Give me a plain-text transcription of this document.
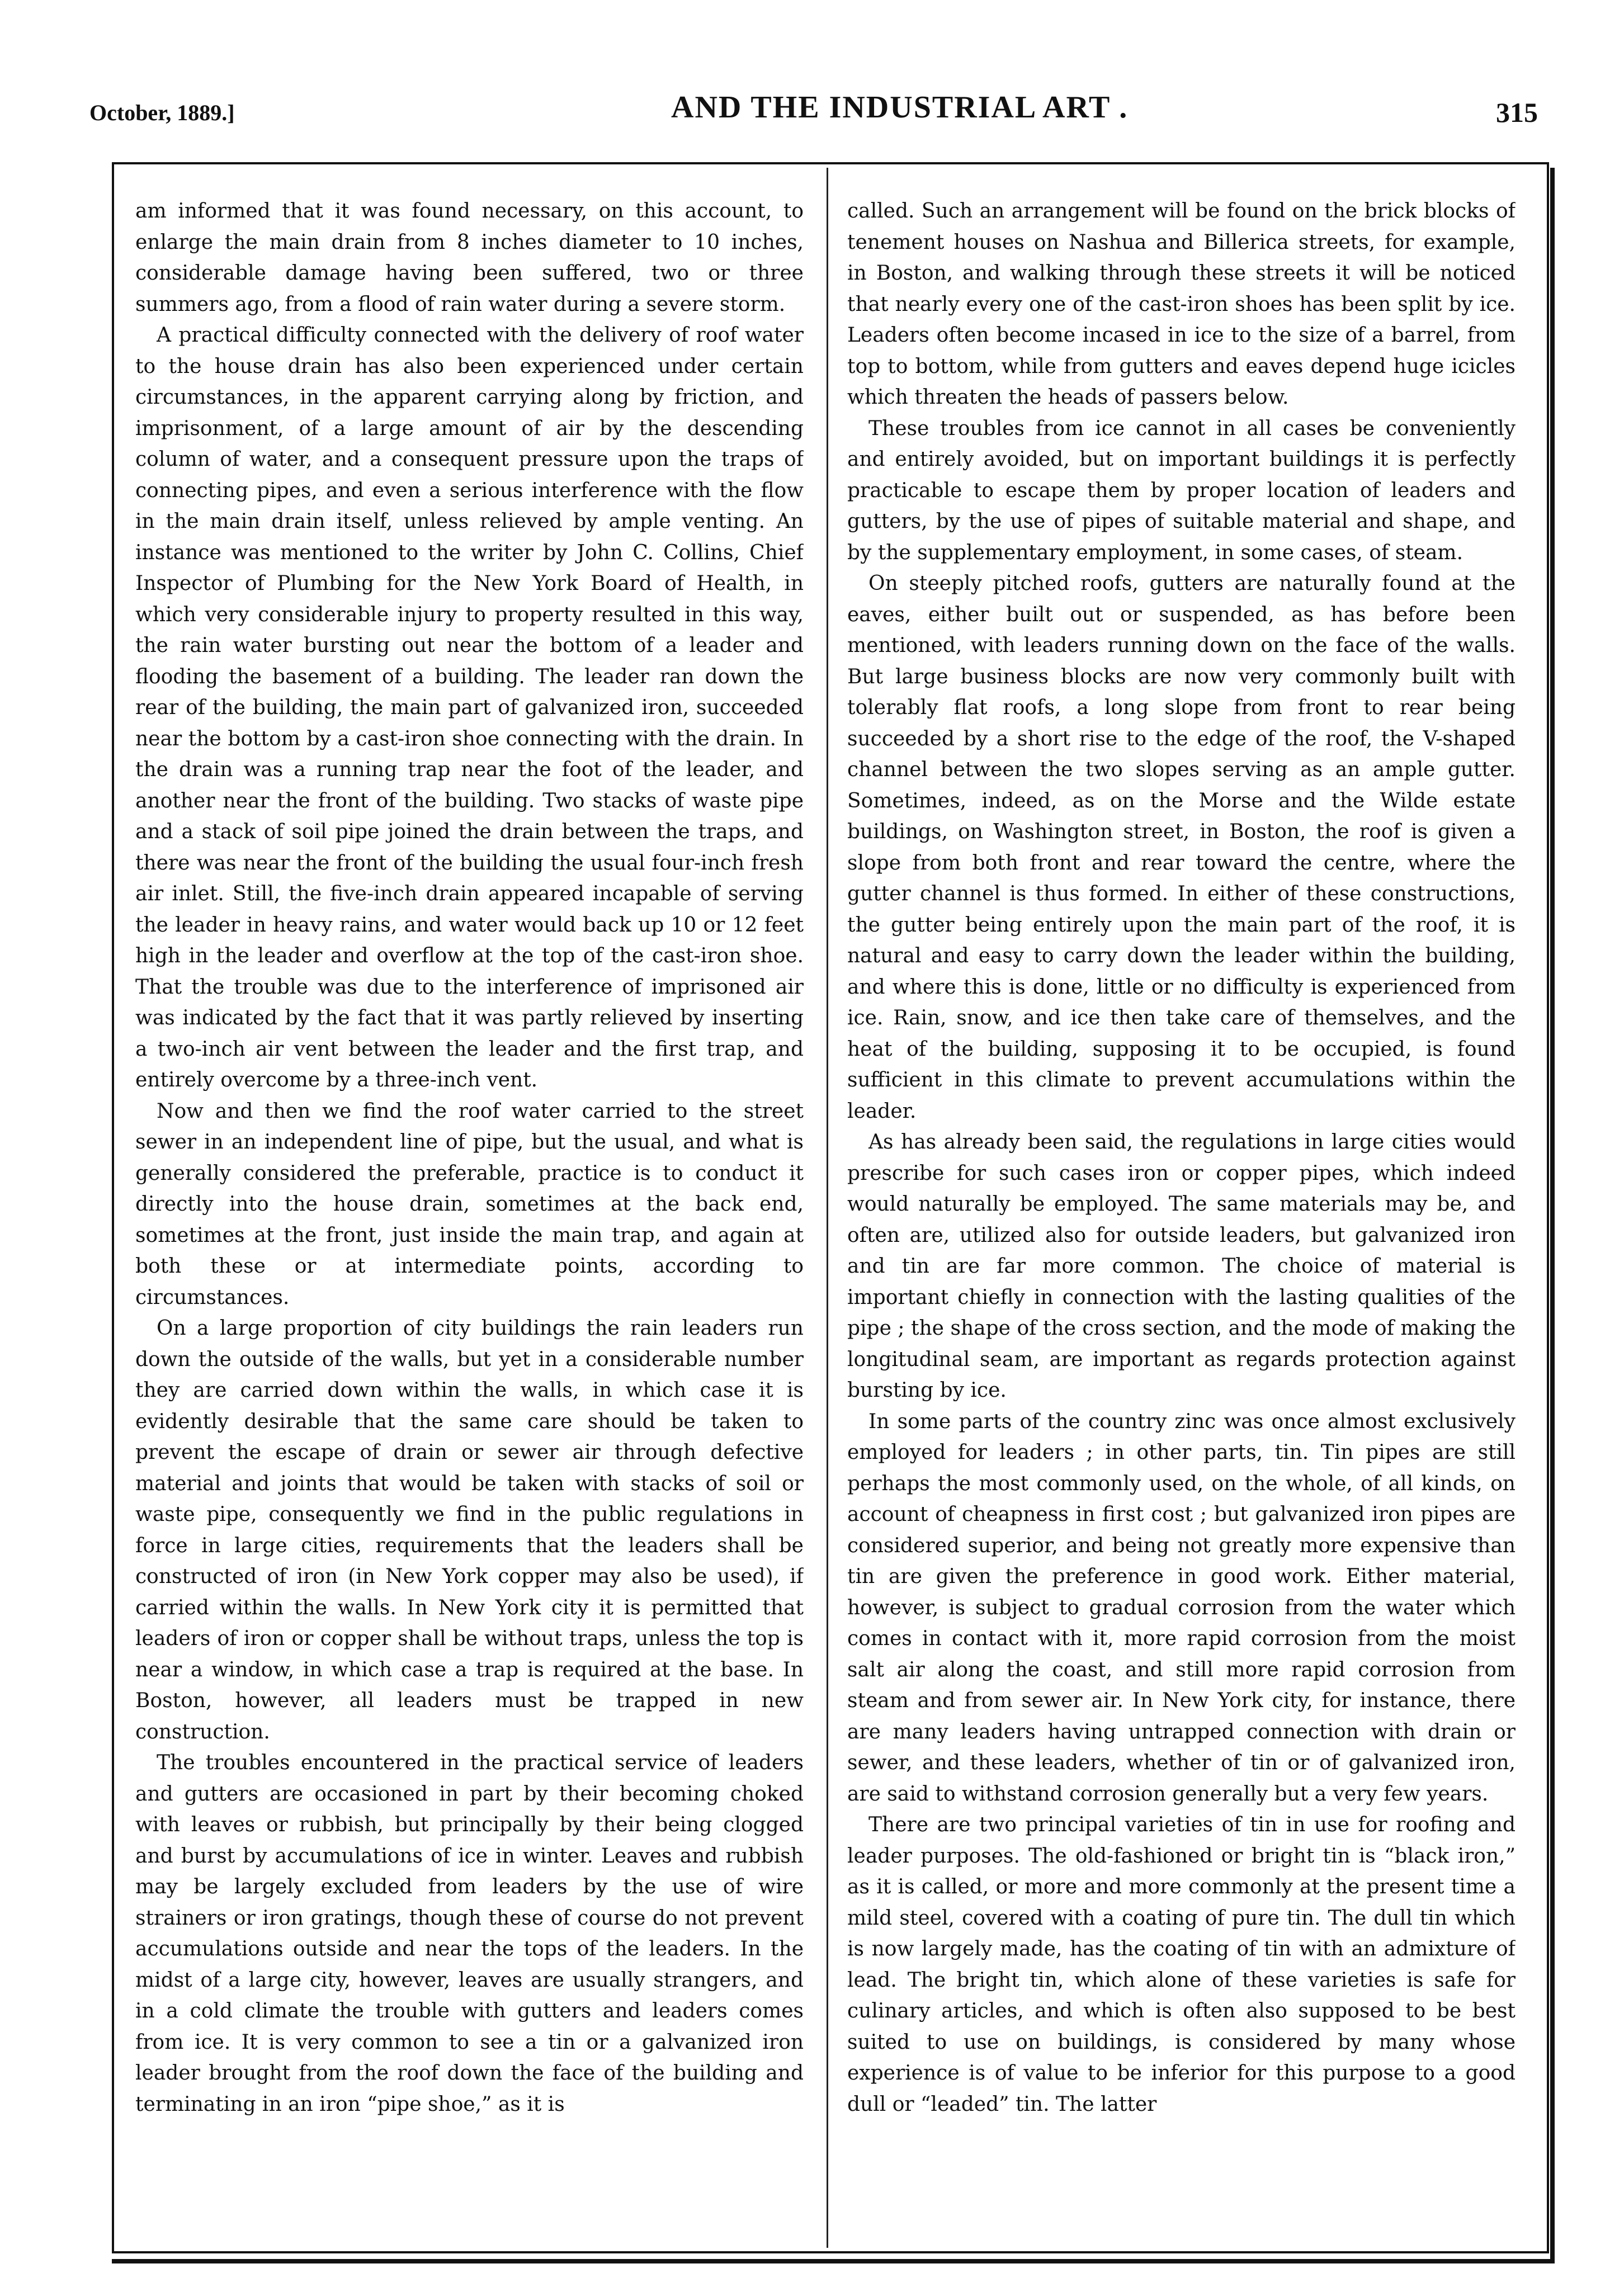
October, 1889.]	AND THE INDUSTRIAL ART .	315

am informed that it was found necessary, on this account, to enlarge the main drain from 8 inches diameter to 10 inches, considerable damage having been suffered, two or three summers ago, from a flood of rain water during a severe storm.

A practical difficulty connected with the delivery of roof water to the house drain has also been experienced under certain circumstances, in the apparent carrying along by friction, and imprisonment, of a large amount of air by the descending column of water, and a consequent pressure upon the traps of connecting pipes, and even a serious interference with the flow in the main drain itself, unless relieved by ample venting. An instance was mentioned to the writer by John C. Collins, Chief Inspector of Plumbing for the New York Board of Health, in which very considerable injury to property resulted in this way, the rain water bursting out near the bottom of a leader and flooding the basement of a building. The leader ran down the rear of the building, the main part of galvanized iron, succeeded near the bottom by a cast-iron shoe connecting with the drain. In the drain was a running trap near the foot of the leader, and another near the front of the building. Two stacks of waste pipe and a stack of soil pipe joined the drain between the traps, and there was near the front of the building the usual four-inch fresh air inlet. Still, the five-inch drain appeared incapable of serving the leader in heavy rains, and water would back up 10 or 12 feet high in the leader and overflow at the top of the cast-iron shoe. That the trouble was due to the interference of imprisoned air was indicated by the fact that it was partly relieved by inserting a two-inch air vent between the leader and the first trap, and entirely overcome by a three-inch vent.

Now and then we find the roof water carried to the street sewer in an independent line of pipe, but the usual, and what is generally considered the preferable, practice is to conduct it directly into the house drain, sometimes at the back end, sometimes at the front, just inside the main trap, and again at both these or at intermediate points, according to circumstances.

On a large proportion of city buildings the rain leaders run down the outside of the walls, but yet in a considerable number they are carried down within the walls, in which case it is evidently desirable that the same care should be taken to prevent the escape of drain or sewer air through defective material and joints that would be taken with stacks of soil or waste pipe, consequently we find in the public regulations in force in large cities, requirements that the leaders shall be constructed of iron (in New York copper may also be used), if carried within the walls. In New York city it is permitted that leaders of iron or copper shall be without traps, unless the top is near a window, in which case a trap is required at the base. In Boston, however, all leaders must be trapped in new construction.

The troubles encountered in the practical service of leaders and gutters are occasioned in part by their becoming choked with leaves or rubbish, but principally by their being clogged and burst by accumulations of ice in winter. Leaves and rubbish may be largely excluded from leaders by the use of wire strainers or iron gratings, though these of course do not prevent accumulations outside and near the tops of the leaders. In the midst of a large city, however, leaves are usually strangers, and in a cold climate the trouble with gutters and leaders comes from ice. It is very common to see a tin or a galvanized iron leader brought from the roof down the face of the building and terminating in an iron “pipe shoe,” as it is

called. Such an arrangement will be found on the brick blocks of tenement houses on Nashua and Billerica streets, for example, in Boston, and walking through these streets it will be noticed that nearly every one of the cast-iron shoes has been split by ice. Leaders often become incased in ice to the size of a barrel, from top to bottom, while from gutters and eaves depend huge icicles which threaten the heads of passers below.

These troubles from ice cannot in all cases be conveniently and entirely avoided, but on important buildings it is perfectly practicable to escape them by proper location of leaders and gutters, by the use of pipes of suitable material and shape, and by the supplementary employment, in some cases, of steam.

On steeply pitched roofs, gutters are naturally found at the eaves, either built out or suspended, as has before been mentioned, with leaders running down on the face of the walls. But large business blocks are now very commonly built with tolerably flat roofs, a long slope from front to rear being succeeded by a short rise to the edge of the roof, the V-shaped channel between the two slopes serving as an ample gutter. Sometimes, indeed, as on the Morse and the Wilde estate buildings, on Washington street, in Boston, the roof is given a slope from both front and rear toward the centre, where the gutter channel is thus formed. In either of these constructions, the gutter being entirely upon the main part of the roof, it is natural and easy to carry down the leader within the building, and where this is done, little or no difficulty is experienced from ice. Rain, snow, and ice then take care of themselves, and the heat of the building, supposing it to be occupied, is found sufficient in this climate to prevent accumulations within the leader.

As has already been said, the regulations in large cities would prescribe for such cases iron or copper pipes, which indeed would naturally be employed. The same materials may be, and often are, utilized also for outside leaders, but galvanized iron and tin are far more common. The choice of material is important chiefly in connection with the lasting qualities of the pipe ; the shape of the cross section, and the mode of making the longitudinal seam, are important as regards protection against bursting by ice.

In some parts of the country zinc was once almost exclusively employed for leaders ; in other parts, tin. Tin pipes are still perhaps the most commonly used, on the whole, of all kinds, on account of cheapness in first cost ; but galvanized iron pipes are considered superior, and being not greatly more expensive than tin are given the preference in good work. Either material, however, is subject to gradual corrosion from the water which comes in contact with it, more rapid corrosion from the moist salt air along the coast, and still more rapid corrosion from steam and from sewer air. In New York city, for instance, there are many leaders having untrapped connection with drain or sewer, and these leaders, whether of tin or of galvanized iron, are said to withstand corrosion generally but a very few years.

There are two principal varieties of tin in use for roofing and leader purposes. The old-fashioned or bright tin is “black iron,” as it is called, or more and more commonly at the present time a mild steel, covered with a coating of pure tin. The dull tin which is now largely made, has the coating of tin with an admixture of lead. The bright tin, which alone of these varieties is safe for culinary articles, and which is often also supposed to be best suited to use on buildings, is considered by many whose experience is of value to be inferior for this purpose to a good dull or “leaded” tin. The latter
